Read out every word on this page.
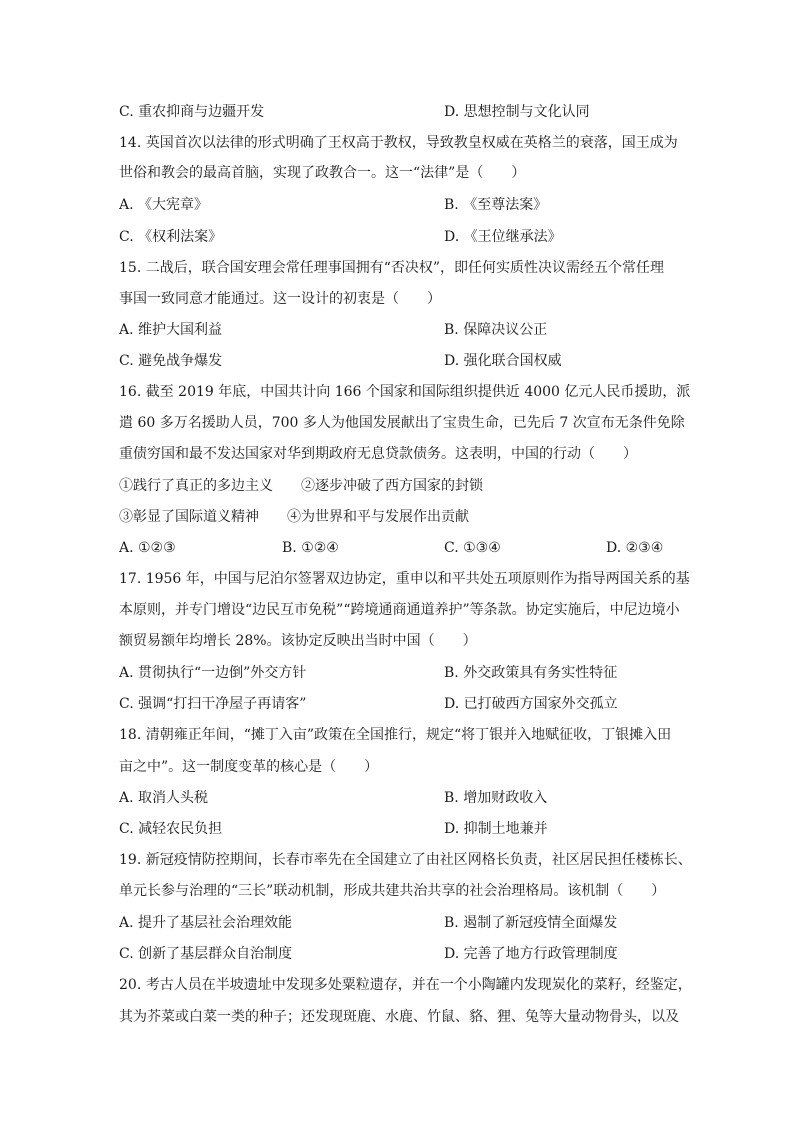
C. 重农抑商与边疆开发	D. 思想控制与文化认同
14. 英国首次以法律的形式明确了王权高于教权，导致教皇权威在英格兰的衰落，国王成为
世俗和教会的最高首脑，实现了政教合一。这一“法律”是（　　）
A. 《大宪章》	B. 《至尊法案》
C. 《权利法案》	D. 《王位继承法》
15. 二战后，联合国安理会常任理事国拥有“否决权”，即任何实质性决议需经五个常任理
事国一致同意才能通过。这一设计的初衷是（　　）
A. 维护大国利益	B. 保障决议公正
C. 避免战争爆发	D. 强化联合国权威
16. 截至 2019 年底，中国共计向 166 个国家和国际组织提供近 4000 亿元人民币援助，派
遣 60 多万名援助人员，700 多人为他国发展献出了宝贵生命，已先后 7 次宣布无条件免除
重债穷国和最不发达国家对华到期政府无息贷款债务。这表明，中国的行动（　　）
①践行了真正的多边主义　　②逐步冲破了西方国家的封锁
③彰显了国际道义精神　　④为世界和平与发展作出贡献
A. ①②③	B. ①②④	C. ①③④	D. ②③④
17. 1956 年，中国与尼泊尔签署双边协定，重申以和平共处五项原则作为指导两国关系的基
本原则，并专门增设“边民互市免税”“跨境通商通道养护”等条款。协定实施后，中尼边境小
额贸易额年均增长 28%。该协定反映出当时中国（　　）
A. 贯彻执行“一边倒”外交方针	B. 外交政策具有务实性特征
C. 强调“打扫干净屋子再请客”	D. 已打破西方国家外交孤立
18. 清朝雍正年间，“摊丁入亩”政策在全国推行，规定“将丁银并入地赋征收，丁银摊入田
亩之中”。这一制度变革的核心是（　　）
A. 取消人头税	B. 增加财政收入
C. 减轻农民负担	D. 抑制土地兼并
19. 新冠疫情防控期间，长春市率先在全国建立了由社区网格长负责，社区居民担任楼栋长、
单元长参与治理的“三长”联动机制，形成共建共治共享的社会治理格局。该机制（　　）
A. 提升了基层社会治理效能	B. 遏制了新冠疫情全面爆发
C. 创新了基层群众自治制度	D. 完善了地方行政管理制度
20. 考古人员在半坡遗址中发现多处粟粒遗存，并在一个小陶罐内发现炭化的菜籽，经鉴定，
其为芥菜或白菜一类的种子；还发现斑鹿、水鹿、竹鼠、貉、狸、兔等大量动物骨头，以及
